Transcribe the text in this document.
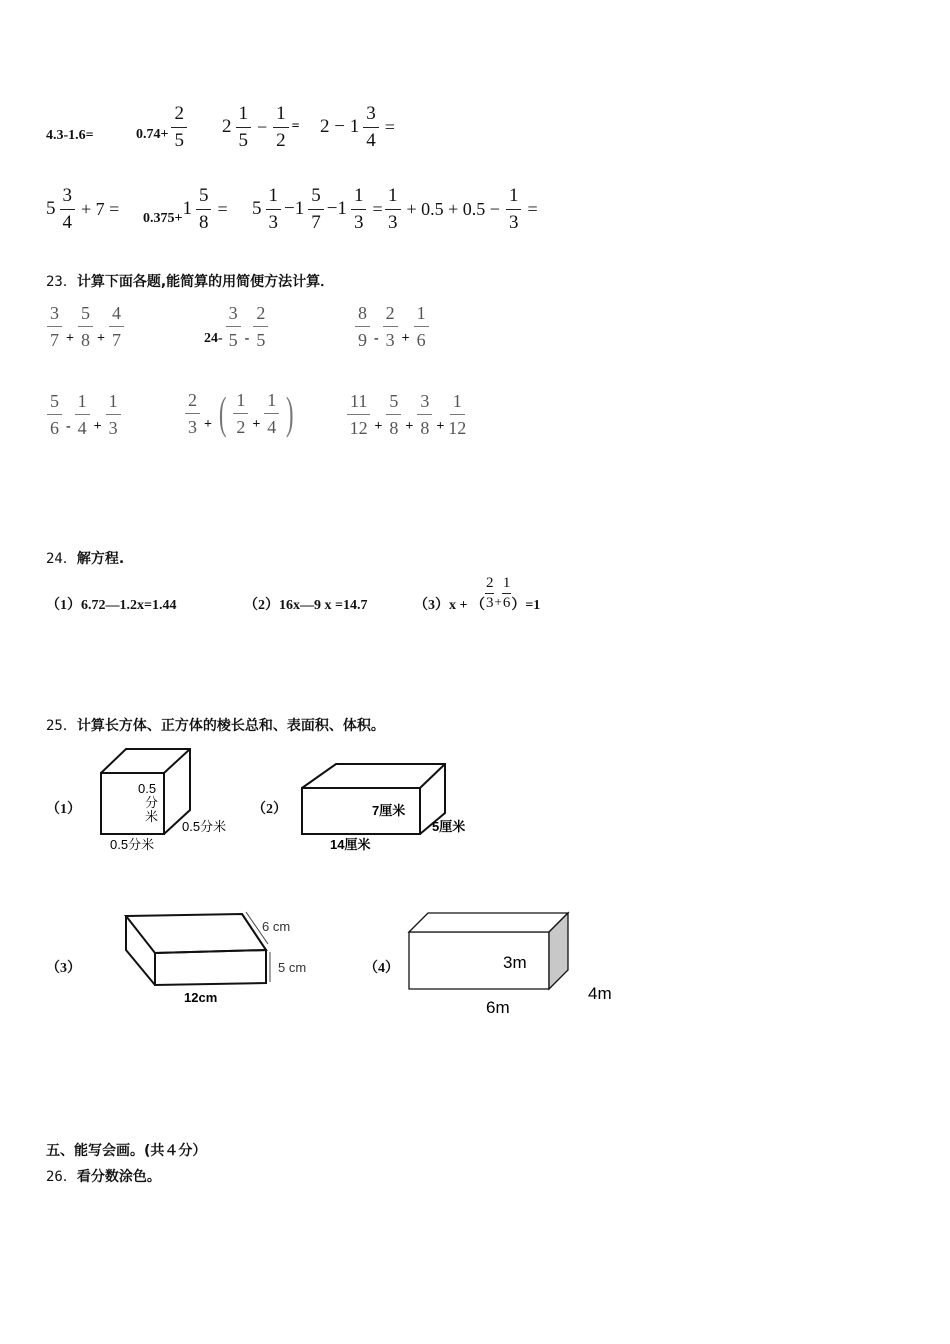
4.3-1.6=	$0.74+ \frac{2}{5} 2 \frac{1}{5} - \frac{1}{2} = 2 - 1 \frac{3}{4}$ =
$5 \frac{3}{4} + 7 = 0.375+ 1 \frac{5}{8} = 5 \frac{1}{3} -1 \frac{5}{7} -1 \frac{1}{3} = \frac{1}{3} + 0.5 + 0.5 - \frac{1}{3}$ =
23．计算下面各题,能简算的用简便方法计算．
$\frac{3}{7} + \frac{5}{8} + \frac{4}{7}$	$24- \frac{3}{5} - \frac{2}{5}$	$\frac{8}{9} - \frac{2}{3} + \frac{1}{6}$
$\frac{5}{6} - \frac{1}{4} + \frac{1}{3}$	$\frac{2}{3}$ + ( $\frac{1}{2} + \frac{1}{4}$ )	$\frac{11}{12} + \frac{5}{8} + \frac{3}{8} + \frac{1}{12}$
24．解方程.
（1）6.72—1.2x=1.44	（2）16x—9 x =14.7	（3）x + （ $\frac{2}{3} + \frac{1}{6} )=1$
25．计算长方体、正方体的棱长总和、表面积、体积。
（1）	（2）
（3）	（4）
0.5
分
米
0.5分米
0.5分米
7厘米
5厘米
14厘米
6 cm
5 cm
12cm
3m
6m
4m
五、能写会画。(共４分）
26．看分数涂色。
